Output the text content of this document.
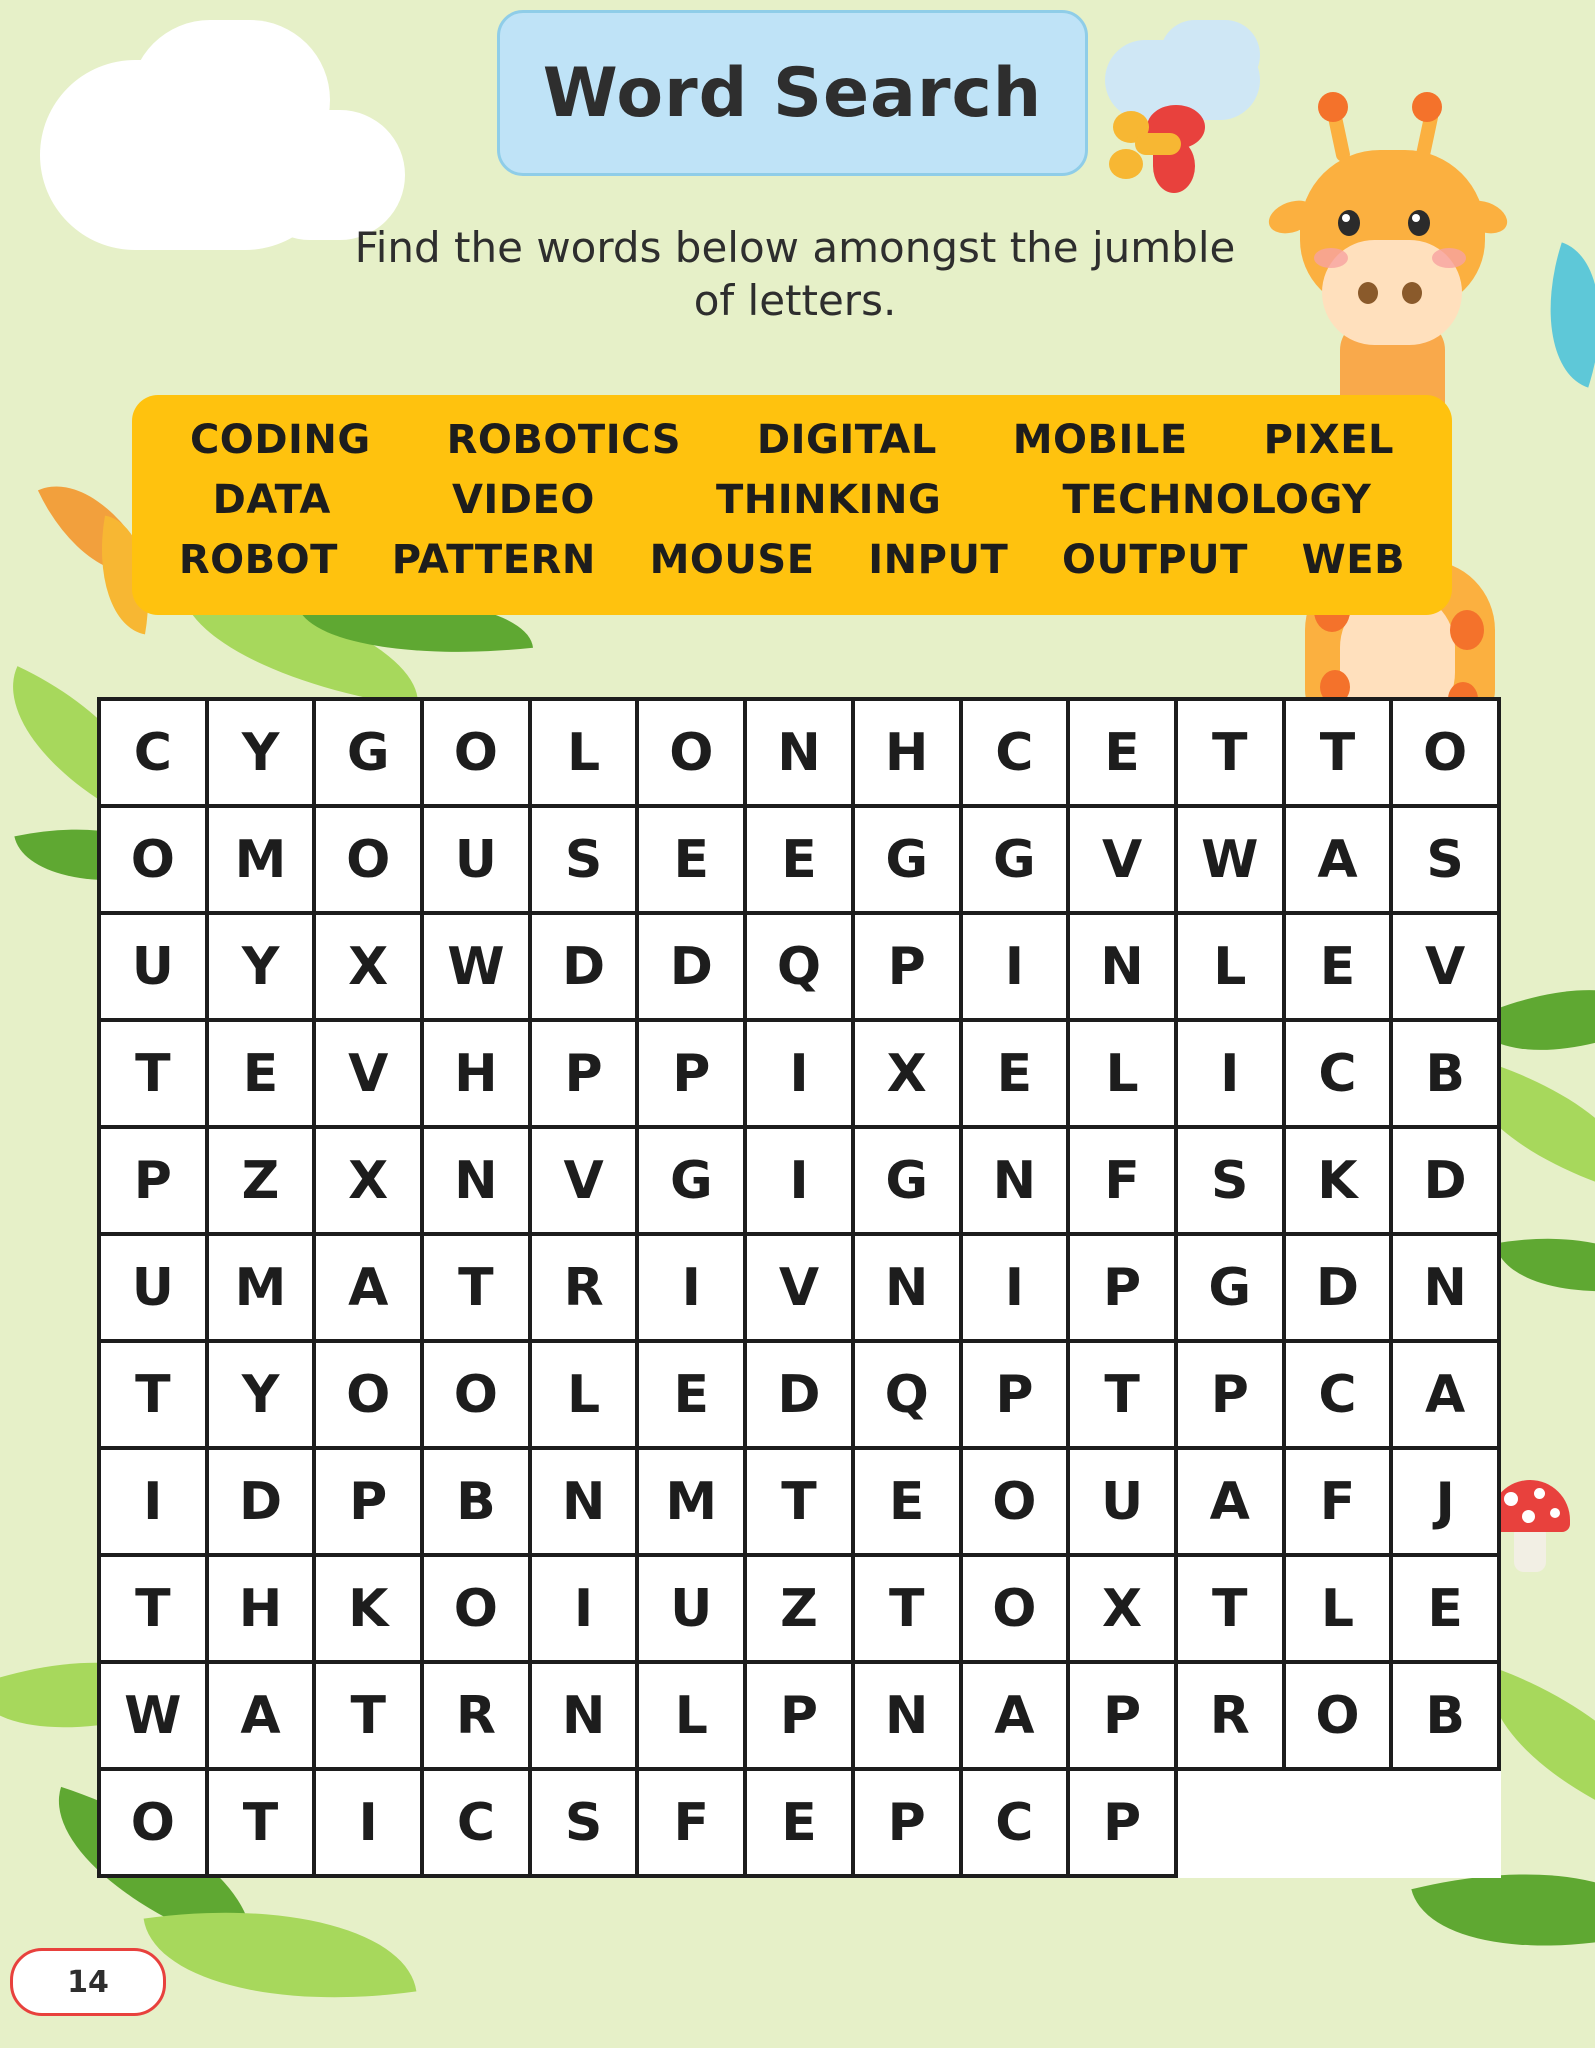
Word Search
Find the words below amongst the jumble of letters.
CODING ROBOTICS DIGITAL MOBILE PIXEL
DATA	VIDEO	THINKING	TECHNOLOGY
ROBOT PATTERN MOUSE INPUT OUTPUT WEB
C	Y	G	O	L	O	N	H	C	E	T	T	O
O	M	O	U	S	E	E	G	G	V	W	A	S
U	Y	X	W	D	D	Q	P	I	N	L	E	V
T	E	V	H	P	P	I	X	E	L	I	C	B
P	Z	X	N	V	G	I	G	N	F	S	K	D
U	M	A	T	R	I	V	N	I	P	G	D	N
T	Y	O	O	L	E	D	Q	P	T	P	C	A
I	D	P	B	N	M	T	E	O	U	A	F	J
T	H	K	O	I	U	Z	T	O	X	T	L	E
W	A	T	R	N	L	P	N	A	P	R	O	B
O	T	I	C	S	F	E	P	C	P
14
